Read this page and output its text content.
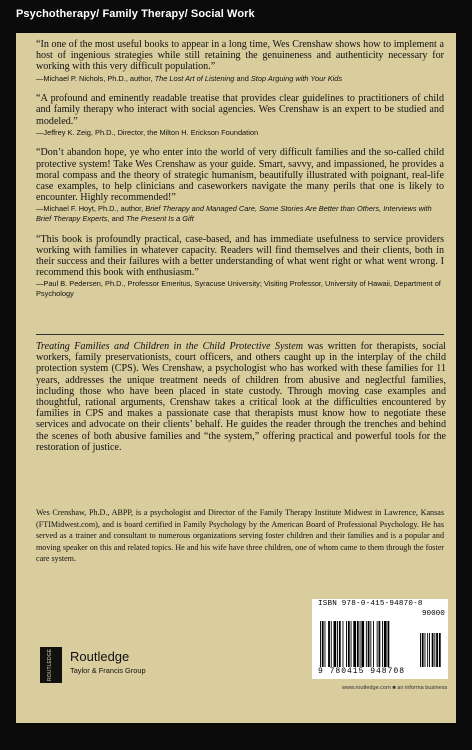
Psychotherapy/ Family Therapy/ Social Work
“In one of the most useful books to appear in a long time, Wes Crenshaw shows how to implement a host of ingenious strategies while still retaining the genuineness and authenticity necessary for working with this very difficult population.”
—Michael P. Nichols, Ph.D., author, The Lost Art of Listening and Stop Arguing with Your Kids
“A profound and eminently readable treatise that provides clear guidelines to practitioners of child and family therapy who interact with social agencies. Wes Crenshaw is an expert to be studied and modeled.”
—Jeffrey K. Zeig, Ph.D., Director, the Milton H. Erickson Foundation
“Don’t abandon hope, ye who enter into the world of very difficult families and the so-called child protective system! Take Wes Crenshaw as your guide. Smart, savvy, and impassioned, he provides a moral compass and the theory of strategic humanism, beautifully illustrated with poignant, real-life case examples, to help clinicians and caseworkers navigate the many perils that one is likely to encounter. Highly recommended!”
—Michael F. Hoyt, Ph.D., author, Brief Therapy and Managed Care, Some Stories Are Better than Others, Interviews with Brief Therapy Experts, and The Present Is a Gift
“This book is profoundly practical, case-based, and has immediate usefulness to service providers working with families in whatever capacity. Readers will find themselves and their clients, both in their success and their failures with a better understanding of what went right or what went wrong. I recommend this book with enthusiasm.”
—Paul B. Pedersen, Ph.D., Professor Emeritus, Syracuse University; Visiting Professor, University of Hawaii, Department of Psychology
Treating Families and Children in the Child Protective System was written for therapists, social workers, family preservationists, court officers, and others caught up in the interplay of the child protection system (CPS). Wes Crenshaw, a psychologist who has worked with these families for 11 years, addresses the unique treatment needs of children from abusive and neglectful families, including those who have been placed in state custody. Through moving case examples and thoughtful, rational arguments, Crenshaw takes a critical look at the difficulties encountered by families in CPS and makes a passionate case that therapists must know how to negotiate these services and advocate on their clients’ behalf. He guides the reader through the trenches and behind the scenes of both abusive families and “the system,” offering practical and powerful tools for the restoration of justice.
Wes Crenshaw, Ph.D., ABPP, is a psychologist and Director of the Family Therapy Institute Midwest in Lawrence, Kansas (FTIMidwest.com), and is board certified in Family Psychology by the American Board of Professional Psychology. He has served as a trainer and consultant to numerous organizations serving foster children and their families and is a popular and moving speaker on this and related topics. He and his wife have three children, one of whom came to them through the foster care system.
ISBN 978-0-415-94870-8
90000
9 780415 948708
ROUTLEDGE Routledge
Taylor & Francis Group
www.routledge.com ■ an informa business
